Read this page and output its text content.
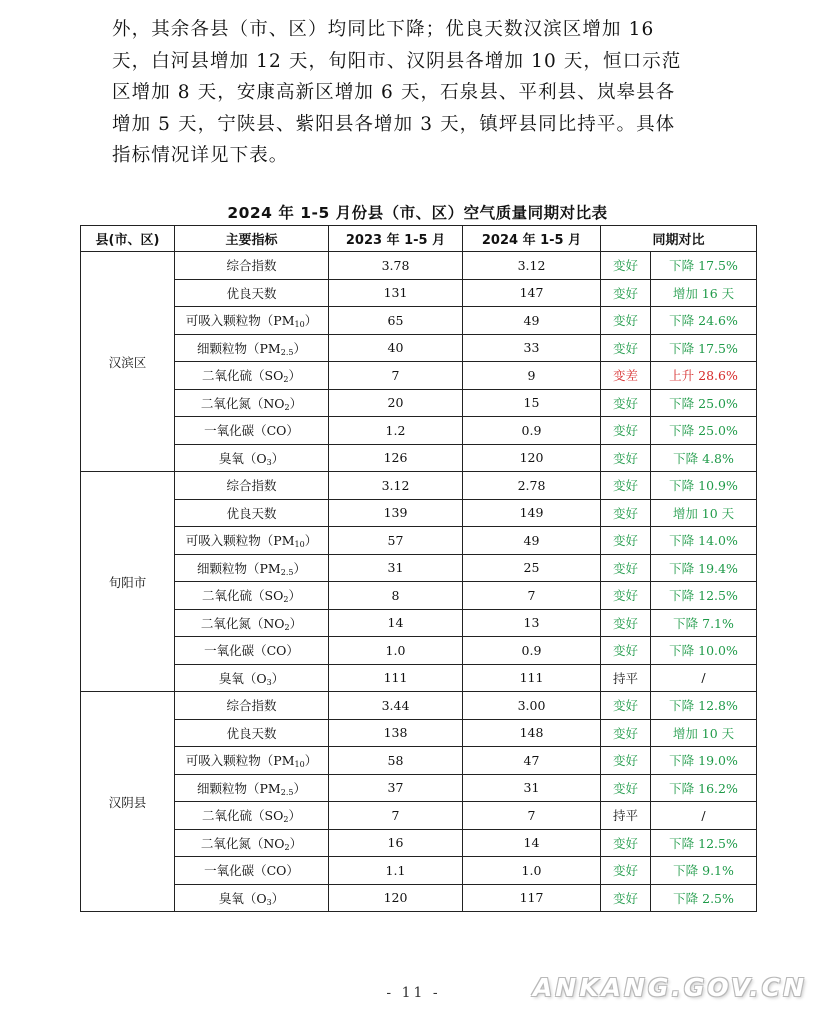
外，其余各县（市、区）均同比下降；优良天数汉滨区增加 16
天，白河县增加 12 天，旬阳市、汉阴县各增加 10 天，恒口示范
区增加 8 天，安康高新区增加 6 天，石泉县、平利县、岚皋县各
增加 5 天，宁陕县、紫阳县各增加 3 天，镇坪县同比持平。具体
指标情况详见下表。
2024 年 1-5 月份县（市、区）空气质量同期对比表
县(市、区)	主要指标	2023 年 1-5 月	2024 年 1-5 月	同期对比	
汉滨区	综合指数	3.78	3.12	变好	下降 17.5%
	优良天数	131	147	变好	增加 16 天
	可吸入颗粒物$(PM_{10})$	65	49	变好	下降 24.6%
	细颗粒物$(PM_{2.5})$	40	33	变好	下降 17.5%
	二氧化硫$(SO_2)$	7	9	变差	上升 28.6%
	二氧化氮$(NO_2)$	20	15	变好	下降 25.0%
	一氧化碳（CO）	1.2	0.9	变好	下降 25.0%
	臭氧$(O_3)$	126	120	变好	下降 4.8%
旬阳市	综合指数	3.12	2.78	变好	下降 10.9%
	优良天数	139	149	变好	增加 10 天
	可吸入颗粒物$(PM_{10})$	57	49	变好	下降 14.0%
	细颗粒物$(PM_{2.5})$	31	25	变好	下降 19.4%
	二氧化硫$(SO_2)$	8	7	变好	下降 12.5%
	二氧化氮$(NO_2)$	14	13	变好	下降 7.1%
	一氧化碳（CO）	1.0	0.9	变好	下降 10.0%
	臭氧$(O_3)$	111	111	持平	/
汉阴县	综合指数	3.44	3.00	变好	下降 12.8%
	优良天数	138	148	变好	增加 10 天
	可吸入颗粒物$(PM_{10})$	58	47	变好	下降 19.0%
	细颗粒物$(PM_{2.5})$	37	31	变好	下降 16.2%
	二氧化硫$(SO_2)$	7	7	持平	/
	二氧化氮$(NO_2)$	16	14	变好	下降 12.5%
	一氧化碳（CO）	1.1	1.0	变好	下降 9.1%
	臭氧$(O_3)$	120	117	变好	下降 2.5%
- 11 -	ANKANG.GOV.CN
